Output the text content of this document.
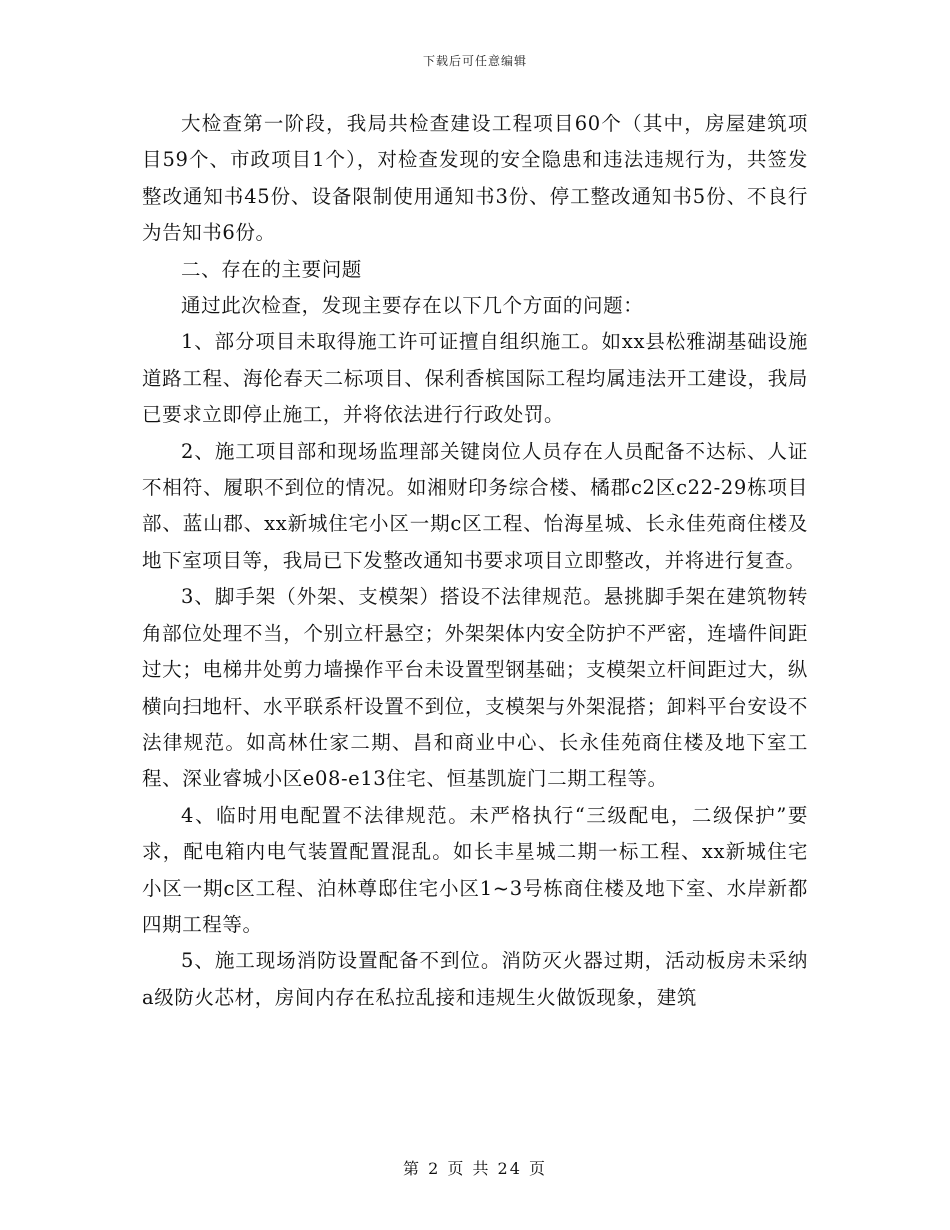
下载后可任意编辑

大检查第一阶段，我局共检查建设工程项目60个（其中，房屋建筑项目59个、市政项目1个），对检查发现的安全隐患和违法违规行为，共签发整改通知书45份、设备限制使用通知书3份、停工整改通知书5份、不良行为告知书6份。

二、存在的主要问题

通过此次检查，发现主要存在以下几个方面的问题：

1、部分项目未取得施工许可证擅自组织施工。如xx县松雅湖基础设施道路工程、海伦春天二标项目、保利香槟国际工程均属违法开工建设，我局已要求立即停止施工，并将依法进行行政处罚。

2、施工项目部和现场监理部关键岗位人员存在人员配备不达标、人证不相符、履职不到位的情况。如湘财印务综合楼、橘郡c2区c22-29栋项目部、蓝山郡、xx新城住宅小区一期c区工程、怡海星城、长永佳苑商住楼及地下室项目等，我局已下发整改通知书要求项目立即整改，并将进行复查。

3、脚手架（外架、支模架）搭设不法律规范。悬挑脚手架在建筑物转角部位处理不当，个别立杆悬空；外架架体内安全防护不严密，连墙件间距过大；电梯井处剪力墙操作平台未设置型钢基础；支模架立杆间距过大，纵横向扫地杆、水平联系杆设置不到位，支模架与外架混搭；卸料平台安设不法律规范。如高林仕家二期、昌和商业中心、长永佳苑商住楼及地下室工程、深业睿城小区e08-e13住宅、恒基凯旋门二期工程等。

4、临时用电配置不法律规范。未严格执行“三级配电，二级保护”要求，配电箱内电气装置配置混乱。如长丰星城二期一标工程、xx新城住宅小区一期c区工程、泊林尊邸住宅小区1~3号栋商住楼及地下室、水岸新都四期工程等。

5、施工现场消防设置配备不到位。消防灭火器过期，活动板房未采纳a级防火芯材，房间内存在私拉乱接和违规生火做饭现象，建筑

第 2 页 共 24 页
